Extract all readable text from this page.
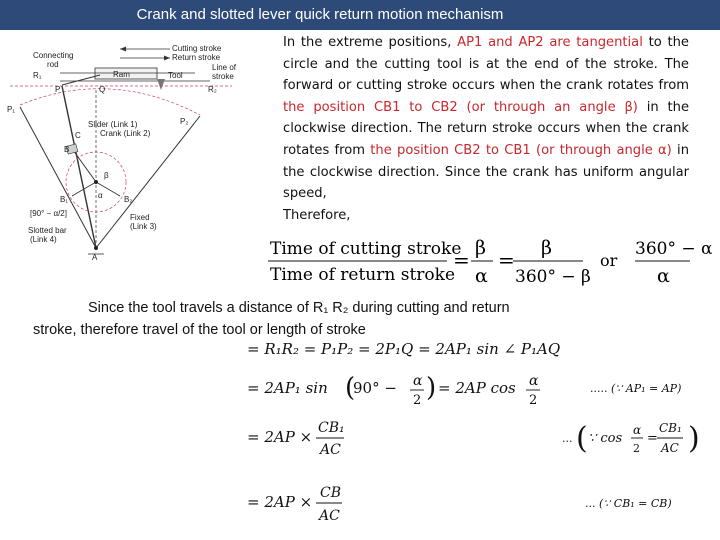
Crank and slotted lever quick return motion mechanism
Connecting
rod
Cutting stroke
Return stroke
Ram	Tool
Line of
stroke
R₁
R₂
P	Q
P₁
P₂
Slider (Link 1)
Crank (Link 2)
C
B
B₁	B₂
β
α
Fixed
(Link 3)
[90° − α/2]
Slotted bar
(Link 4)
A
In the extreme positions, AP1 and AP2 are tangential to the circle and the cutting tool is at the end of the stroke. The forward or cutting stroke occurs when the crank rotates from the position CB1 to CB2 (or through an angle β) in the clockwise direction. The return stroke occurs when the crank rotates from the position CB2 to CB1 (or through angle α) in the clockwise direction. Since the crank has uniform angular speed,
Therefore,
Time of cutting stroke
Time of return stroke
= β
α
= β
360° − β
or
360° − α
α
Since the tool travels a distance of R₁ R₂ during cutting and return
stroke, therefore travel of the tool or length of stroke
= R₁R₂ = P₁P₂ = 2P₁Q = 2AP₁ sin ∠ P₁AQ
= 2AP₁ sin (
90° − α
2 ) = 2AP cos α
2
..... (∵ AP₁ = AP)
= 2AP × CB₁
AC
... ( ∵ cos
α
2
=
CB₁
AC )
= 2AP × CB
AC
... (∵ CB₁ = CB)
